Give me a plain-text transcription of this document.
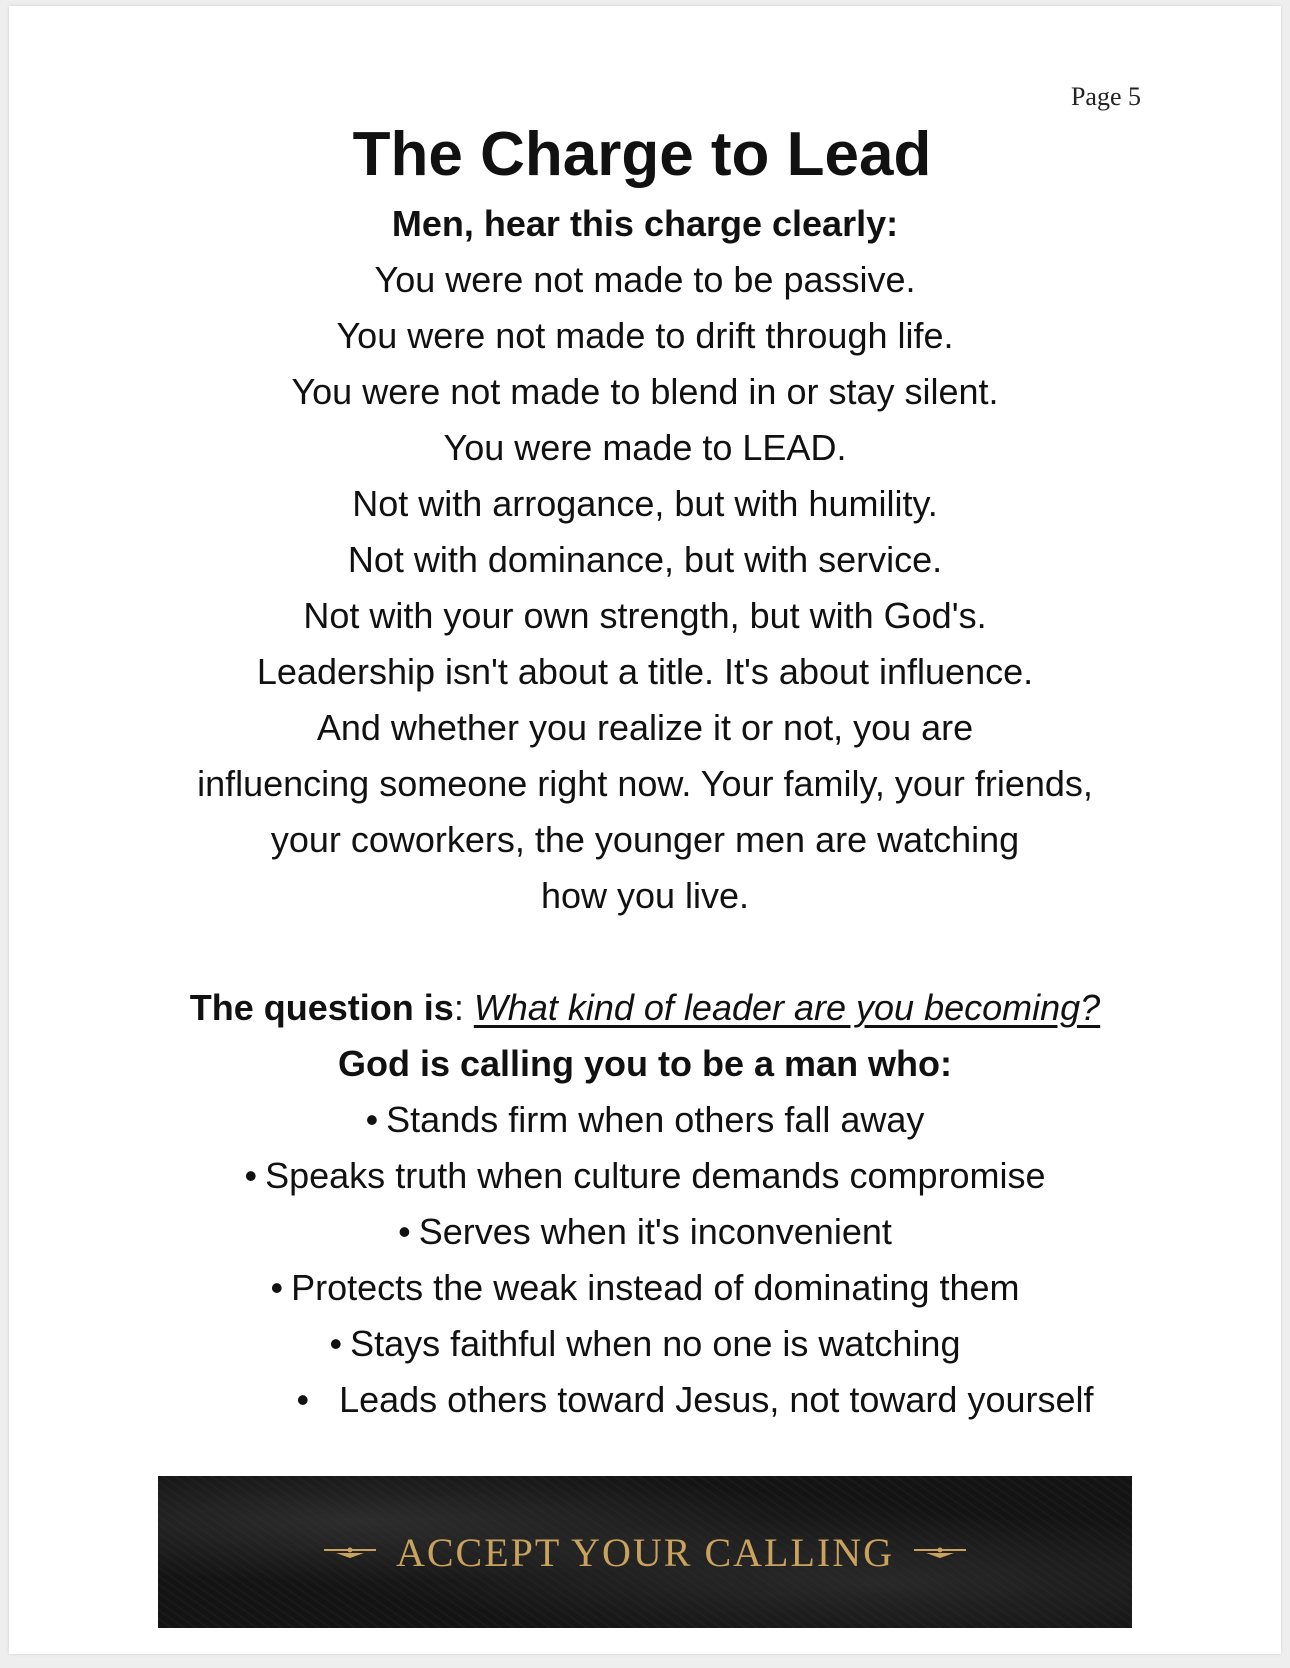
Page 5
The Charge to Lead

Men, hear this charge clearly:

You were not made to be passive.

You were not made to drift through life.

You were not made to blend in or stay silent.

You were made to LEAD.

Not with arrogance, but with humility.

Not with dominance, but with service.

Not with your own strength, but with God's.

Leadership isn't about a title. It's about influence.

And whether you realize it or not, you are

influencing someone right now. Your family, your friends,

your coworkers, the younger men are watching

how you live.

The question is: What kind of leader are you becoming?

God is calling you to be a man who:

• Stands firm when others fall away
• Speaks truth when culture demands compromise
• Serves when it's inconvenient
• Protects the weak instead of dominating them
• Stays faithful when no one is watching
• Leads others toward Jesus, not toward yourself
ACCEPT YOUR CALLING
